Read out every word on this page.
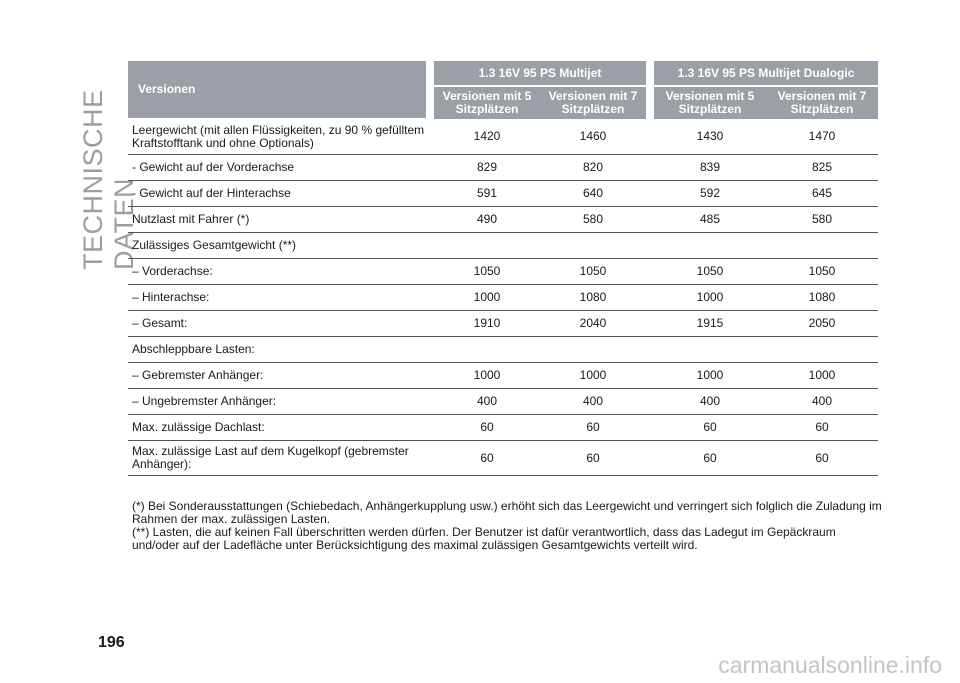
TECHNISCHE DATEN
Versionen		1.3 16V 95 PS Multijet			1.3 16V 95 PS Multijet Dualogic	
		Versionen mit 5 Sitzplätzen	Versionen mit 7 Sitzplätzen		Versionen mit 5 Sitzplätzen	Versionen mit 7 Sitzplätzen
Leergewicht (mit allen Flüssigkeiten, zu 90 % gefülltem Kraftstofftank und ohne Optionals)		1420	1460		1430	1470
- Gewicht auf der Vorderachse		829	820		839	825
- Gewicht auf der Hinterachse		591	640		592	645
Nutzlast mit Fahrer (*)		490	580		485	580
Zulässiges Gesamtgewicht (**)						
– Vorderachse:		1050	1050		1050	1050
– Hinterachse:		1000	1080		1000	1080
– Gesamt:		1910	2040		1915	2050
Abschleppbare Lasten:						
– Gebremster Anhänger:		1000	1000		1000	1000
– Ungebremster Anhänger:		400	400		400	400
Max. zulässige Dachlast:		60	60		60	60
Max. zulässige Last auf dem Kugelkopf (gebremster Anhänger):		60	60		60	60

(*) Bei Sonderausstattungen (Schiebedach, Anhängerkupplung usw.) erhöht sich das Leergewicht und verringert sich folglich die Zuladung im Rahmen der max. zulässigen Lasten.

(**) Lasten, die auf keinen Fall überschritten werden dürfen. Der Benutzer ist dafür verantwortlich, dass das Ladegut im Gepäckraum und/oder auf der Ladefläche unter Berücksichtigung des maximal zulässigen Gesamtgewichts verteilt wird.

196
carmanualsonline.info
